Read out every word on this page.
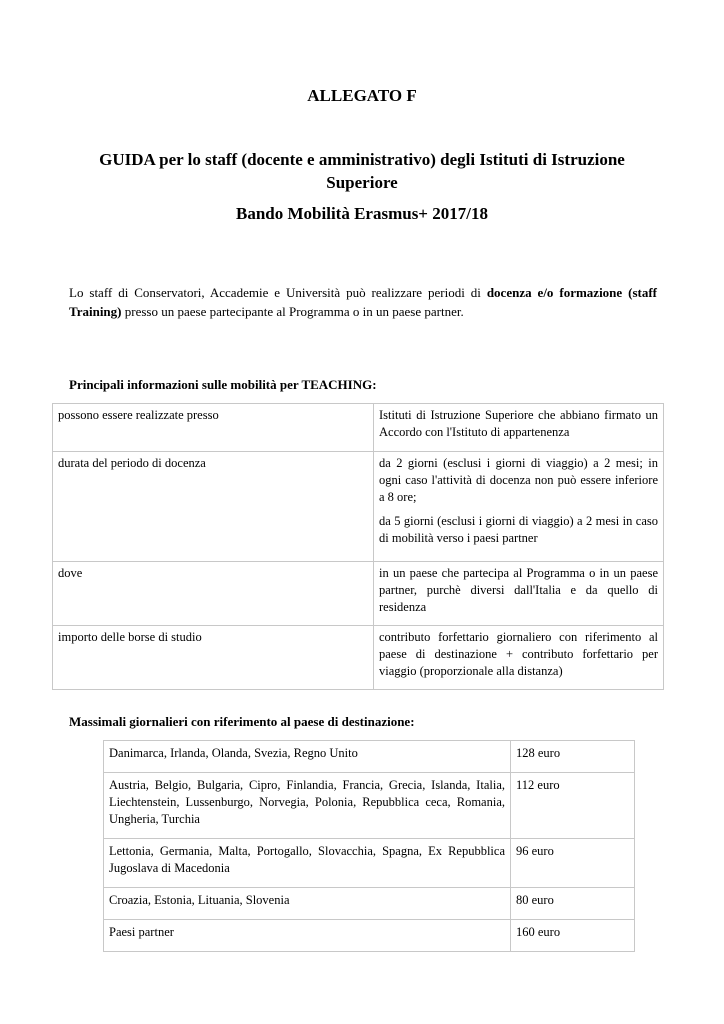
ALLEGATO F
GUIDA per lo staff (docente e amministrativo) degli Istituti di Istruzione Superiore
Bando Mobilità Erasmus+ 2017/18

Lo staff di Conservatori, Accademie e Università può realizzare periodi di docenza e/o formazione (staff Training) presso un paese partecipante al Programma o in un paese partner.

Principali informazioni sulle mobilità per TEACHING:

possono essere realizzate presso	Istituti di Istruzione Superiore che abbiano firmato un Accordo con l'Istituto di appartenenza

durata del periodo di docenza	da 2 giorni (esclusi i giorni di viaggio) a 2 mesi; in ogni caso l'attività di docenza non può essere inferiore a 8 ore;

da 5 giorni (esclusi i giorni di viaggio) a 2 mesi in caso di mobilità verso i paesi partner

dove	in un paese che partecipa al Programma o in un paese partner, purchè diversi dall'Italia e da quello di residenza

importo delle borse di studio	contributo forfettario giornaliero con riferimento al paese di destinazione + contributo forfettario per viaggio (proporzionale alla distanza)

Massimali giornalieri con riferimento al paese di destinazione:

Danimarca, Irlanda, Olanda, Svezia, Regno Unito	128 euro
Austria, Belgio, Bulgaria, Cipro, Finlandia, Francia, Grecia, Islanda, Italia, Liechtenstein, Lussenburgo, Norvegia, Polonia, Repubblica ceca, Romania, Ungheria, Turchia	112 euro
Lettonia, Germania, Malta, Portogallo, Slovacchia, Spagna, Ex Repubblica Jugoslava di Macedonia	96 euro
Croazia, Estonia, Lituania, Slovenia	80 euro
Paesi partner	160 euro
